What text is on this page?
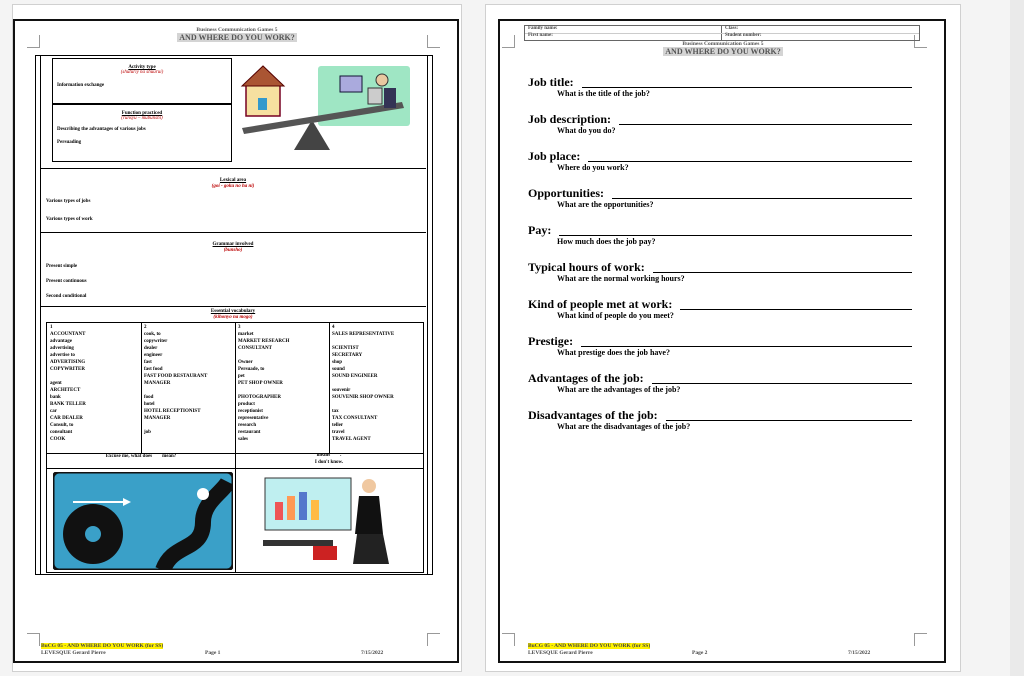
Business Communication Games 5
AND WHERE DO YOU WORK?
Activity type
(shuturiy na shuurui)
Information exchange
Function practiced
(runsyu – mubunshi)
Describing the advantages of various jobs
Persuading
Lexical area
(goi - goku no ha ni)
Various types of jobs
Various types of work
Grammar involved
(bunsho)
Present simple
Present continuous
Second conditional
Essential vocabulary
(kihonyo na mogo)
1
ACCOUNTANT
advantage
advertising
advertise to
ADVERTISING
COPYWRITER
agent
ARCHITECT
bank
BANK TELLER
car
CAR DEALER
Consult, to
consultant
COOK
2
cook, to
copywriter
dealer
engineer
fast
fast food
FAST FOOD RESTAURANT
MANAGER
food
hotel
HOTEL RECEPTIONIST
MANAGER
job
3
market
MARKET RESEARCH
CONSULTANT
Owner
Persuade, to
pet
PET SHOP OWNER
PHOTOGRAPHER
product
receptionist
representative
research
restaurant
sales
4
SALES REPRESENTATIVE
SCIENTIST
SECRETARY
shop
sound
SOUND ENGINEER
souvenir
SOUVENIR SHOP OWNER
tax
TAX CONSULTANT
teller
travel
TRAVEL AGENT
Excuse me, what does        mean?	means        .
I don't know.
BuCG 05 - AND WHERE DO YOU WORK (for SS)
LEVESQUE Gerard Pierre	Page 1	7/15/2022
Family name:
First name:
Class:
Student number:
Business Communication Games 5
AND WHERE DO YOU WORK?
Job title:
What is the title of the job?
Job description:
What do you do?
Job place:
Where do you work?
Opportunities:
What are the opportunities?
Pay:
How much does the job pay?
Typical hours of work:
What are the normal working hours?
Kind of people met at work:
What kind of people do you meet?
Prestige:
What prestige does the job have?
Advantages of the job:
What are the advantages of the job?
Disadvantages of the job:
What are the disadvantages of the job?
BuCG 05 - AND WHERE DO YOU WORK (for SS)
LEVESQUE Gerard Pierre	Page 2	7/15/2022
